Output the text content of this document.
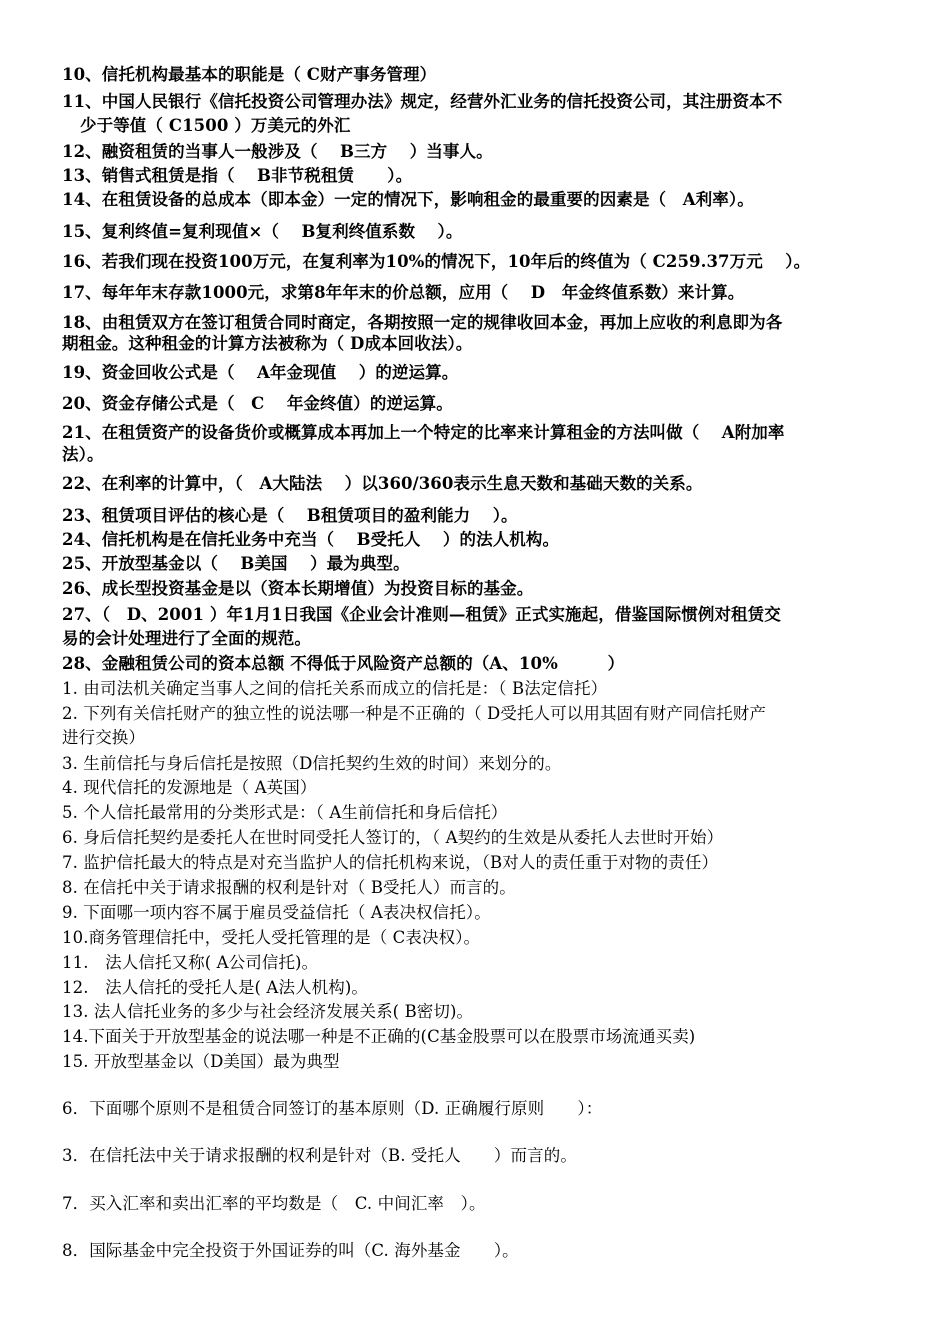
10、信托机构最基本的职能是（ C财产事务管理）
11、中国人民银行《信托投资公司管理办法》规定，经营外汇业务的信托投资公司，其注册资本不
少于等值（ C1500 ）万美元的外汇
12、融资租赁的当事人一般涉及（　 B三方　 ）当事人。
13、销售式租赁是指（　 B非节税租赁　　）。
14、在租赁设备的总成本（即本金）一定的情况下，影响租金的最重要的因素是（　A利率）。
15、复利终值=复利现值×（　 B复利终值系数　 ）。
16、若我们现在投资100万元，在复利率为10%的情况下，10年后的终值为（ C259.37万元　 ）。
17、每年年末存款1000元，求第8年年末的价总额，应用（　 D　年金终值系数）来计算。
18、由租赁双方在签订租赁合同时商定，各期按照一定的规律收回本金，再加上应收的利息即为各
期租金。这种租金的计算方法被称为（ D成本回收法）。
19、资金回收公式是（　 A年金现值　 ）的逆运算。
20、资金存储公式是（　C　 年金终值）的逆运算。
21、在租赁资产的设备货价或概算成本再加上一个特定的比率来计算租金的方法叫做（　 A附加率
法）。
22、在利率的计算中，（　A大陆法　 ）以360/360表示生息天数和基础天数的关系。
23、租赁项目评估的核心是（　 B租赁项目的盈利能力　 ）。
24、信托机构是在信托业务中充当（　 B受托人　 ）的法人机构。
25、开放型基金以（　 B美国　 ）最为典型。
26、成长型投资基金是以（资本长期增值）为投资目标的基金。
27、（　D、2001 ）年1月1日我国《企业会计准则—租赁》正式实施起，借鉴国际惯例对租赁交
易的会计处理进行了全面的规范。
28、金融租赁公司的资本总额 不得低于风险资产总额的（A、10%　　　）
1. 由司法机关确定当事人之间的信托关系而成立的信托是：（ B法定信托）
2. 下列有关信托财产的独立性的说法哪一种是不正确的（ D受托人可以用其固有财产同信托财产
进行交换）
3. 生前信托与身后信托是按照（D信托契约生效的时间）来划分的。
4. 现代信托的发源地是（ A英国）
5. 个人信托最常用的分类形式是：（ A生前信托和身后信托）
6. 身后信托契约是委托人在世时同受托人签订的，（ A契约的生效是从委托人去世时开始）
7. 监护信托最大的特点是对充当监护人的信托机构来说，（B对人的责任重于对物的责任）
8. 在信托中关于请求报酬的权利是针对（ B受托人）而言的。
9. 下面哪一项内容不属于雇员受益信托（ A表决权信托）。
10.商务管理信托中，受托人受托管理的是（ C表决权）。
11.　法人信托又称( A公司信托)。
12.　法人信托的受托人是( A法人机构)。
13. 法人信托业务的多少与社会经济发展关系( B密切)。
14.下面关于开放型基金的说法哪一种是不正确的(C基金股票可以在股票市场流通买卖)
15. 开放型基金以（D美国）最为典型
6．下面哪个原则不是租赁合同签订的基本原则（D. 正确履行原则　　）：
3．在信托法中关于请求报酬的权利是针对（B. 受托人　　）而言的。
7．买入汇率和卖出汇率的平均数是（　C. 中间汇率　）。
8．国际基金中完全投资于外国证券的叫（C. 海外基金　　）。
